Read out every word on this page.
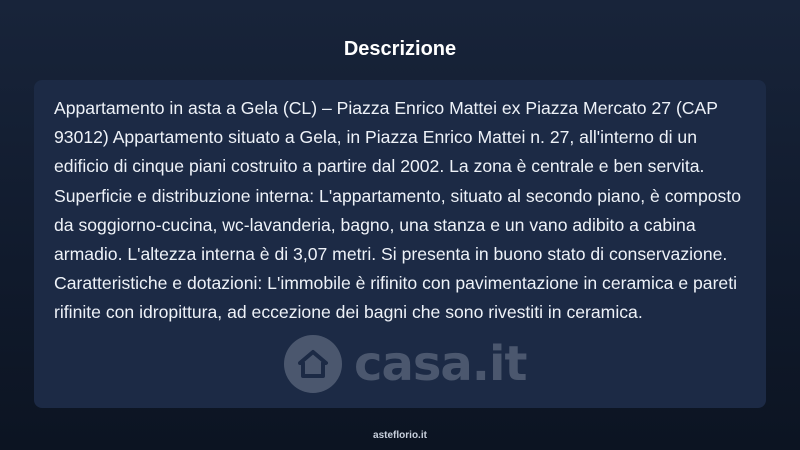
Descrizione

Appartamento in asta a Gela (CL) – Piazza Enrico Mattei ex Piazza Mercato 27 (CAP 93012) Appartamento situato a Gela, in Piazza Enrico Mattei n. 27, all'interno di un edificio di cinque piani costruito a partire dal 2002. La zona è centrale e ben servita. Superficie e distribuzione interna: L'appartamento, situato al secondo piano, è composto da soggiorno-cucina, wc-lavanderia, bagno, una stanza e un vano adibito a cabina armadio. L'altezza interna è di 3,07 metri. Si presenta in buono stato di conservazione. Caratteristiche e dotazioni: L'immobile è rifinito con pavimentazione in ceramica e pareti rifinite con idropittura, ad eccezione dei bagni che sono rivestiti in ceramica.

casa.it
asteflorio.it
